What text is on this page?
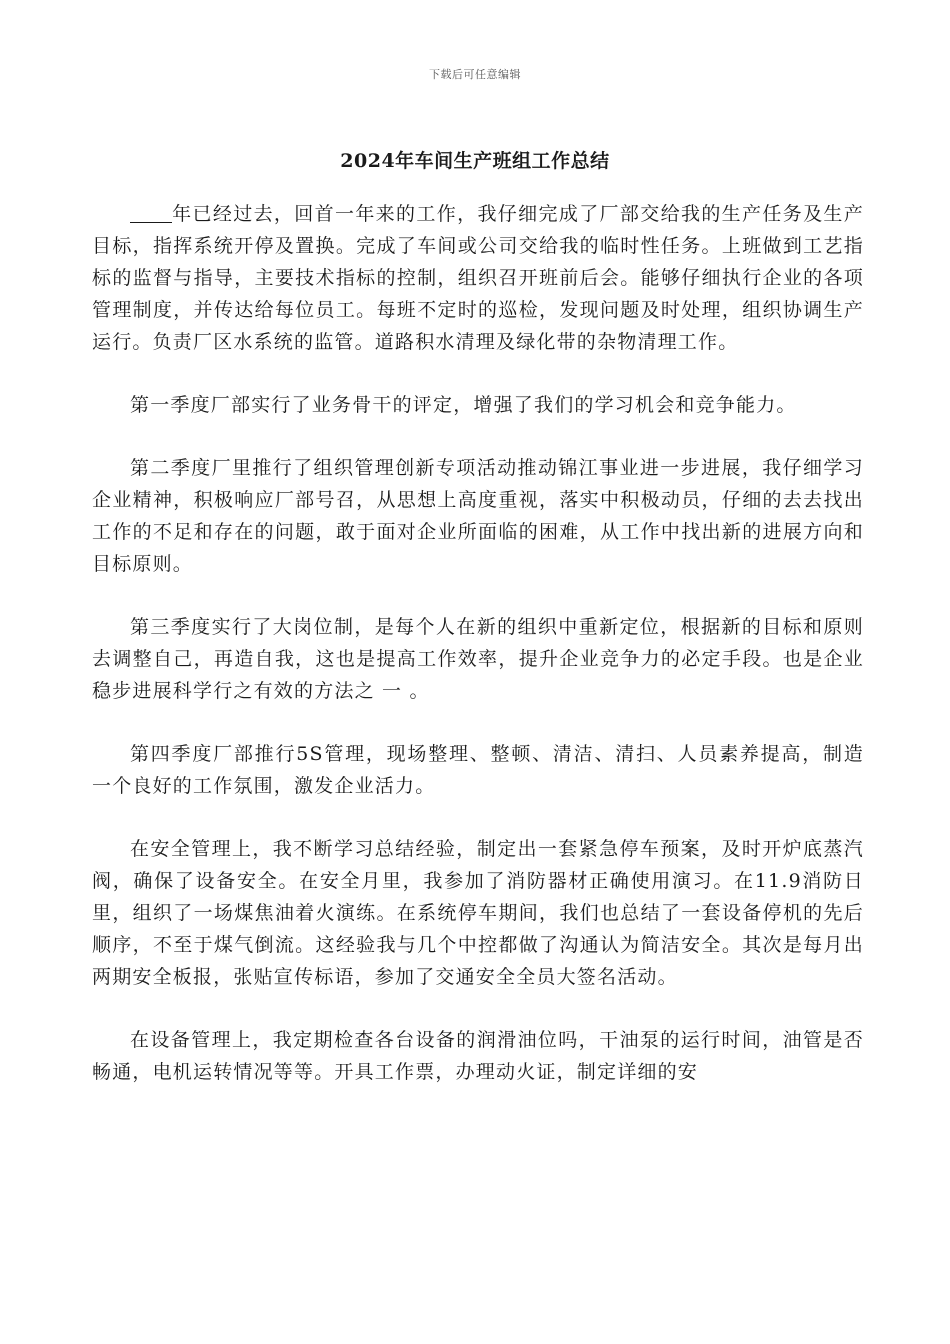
下载后可任意编辑
2024年车间生产班组工作总结

年已经过去，回首一年来的工作，我仔细完成了厂部交给我的生产任务及生产目标，指挥系统开停及置换。完成了车间或公司交给我的临时性任务。上班做到工艺指标的监督与指导，主要技术指标的控制，组织召开班前后会。能够仔细执行企业的各项管理制度，并传达给每位员工。每班不定时的巡检，发现问题及时处理，组织协调生产运行。负责厂区水系统的监管。道路积水清理及绿化带的杂物清理工作。

第一季度厂部实行了业务骨干的评定，增强了我们的学习机会和竞争能力。

第二季度厂里推行了组织管理创新专项活动推动锦江事业进一步进展，我仔细学习企业精神，积极响应厂部号召，从思想上高度重视，落实中积极动员，仔细的去去找出工作的不足和存在的问题，敢于面对企业所面临的困难，从工作中找出新的进展方向和目标原则。

第三季度实行了大岗位制，是每个人在新的组织中重新定位，根据新的目标和原则去调整自己，再造自我，这也是提高工作效率，提升企业竞争力的必定手段。也是企业稳步进展科学行之有效的方法之 一 。

第四季度厂部推行5S管理，现场整理、整顿、清洁、清扫、人员素养提高，制造一个良好的工作氛围，激发企业活力。

在安全管理上，我不断学习总结经验，制定出一套紧急停车预案，及时开炉底蒸汽阀，确保了设备安全。在安全月里，我参加了消防器材正确使用演习。在11.9消防日里，组织了一场煤焦油着火演练。在系统停车期间，我们也总结了一套设备停机的先后顺序，不至于煤气倒流。这经验我与几个中控都做了沟通认为简洁安全。其次是每月出两期安全板报，张贴宣传标语，参加了交通安全全员大签名活动。

在设备管理上，我定期检查各台设备的润滑油位吗，干油泵的运行时间，油管是否畅通，电机运转情况等等。开具工作票，办理动火证，制定详细的安
